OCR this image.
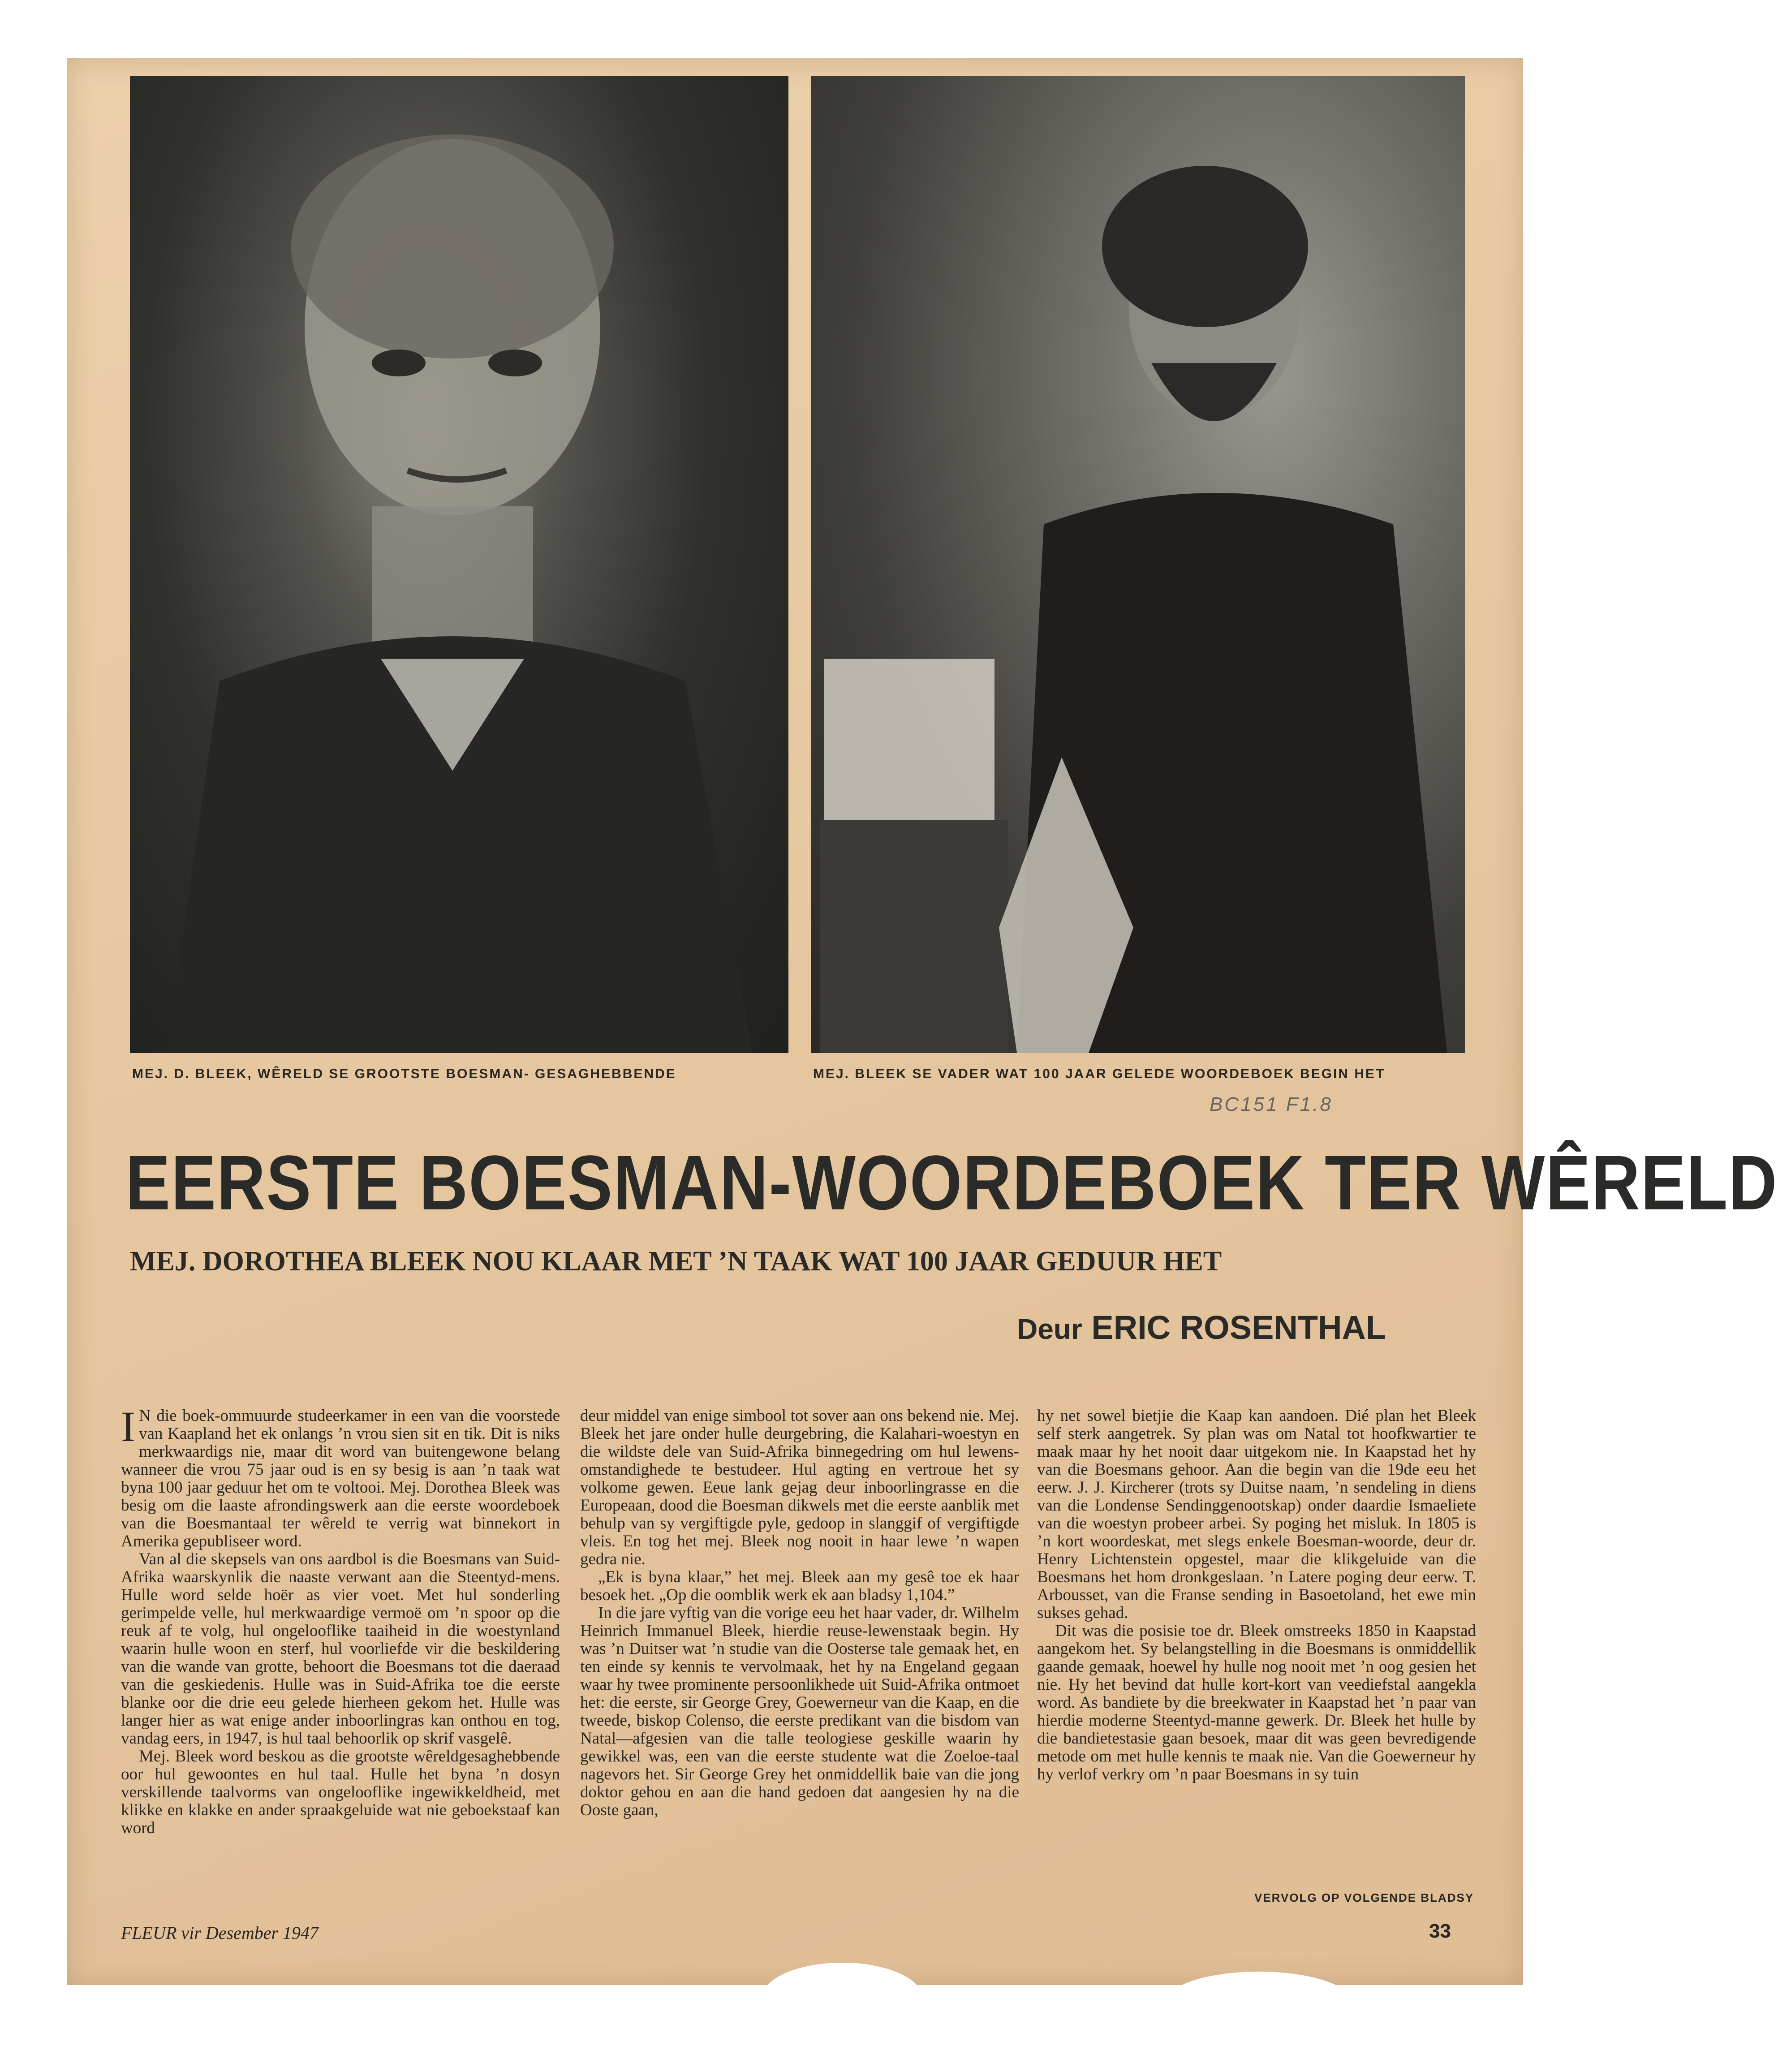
MEJ. D. BLEEK, WÊRELD SE GROOTSTE BOESMAN- GESAGHEBBENDE	MEJ. BLEEK SE VADER WAT 100 JAAR GELEDE WOORDEBOEK BEGIN HET
BC151 F1.8
EERSTE BOESMAN-WOORDEBOEK TER WÊRELD
MEJ. DOROTHEA BLEEK NOU KLAAR MET ’N TAAK WAT 100 JAAR GEDUUR HET
Deur ERIC ROSENTHAL

I N die boek-ommuurde studeerkamer in een van die voorstede van Kaapland het ek onlangs ’n vrou sien sit en tik. Dit is niks merkwaardigs nie, maar dit word van buitengewone belang wanneer die vrou 75 jaar oud is en sy besig is aan ’n taak wat byna 100 jaar geduur het om te voltooi. Mej. Dorothea Bleek was besig om die laaste afrondingswerk aan die eerste woordeboek van die Boesmantaal ter wêreld te verrig wat binnekort in Amerika gepubliseer word.

Van al die skepsels van ons aardbol is die Boesmans van Suid-Afrika waarskynlik die naaste verwant aan die Steentyd-mens. Hulle word selde hoër as vier voet. Met hul sonderling gerimpelde velle, hul merkwaardige vermoë om ’n spoor op die reuk af te volg, hul ongelooflike taaiheid in die woestynland waarin hulle woon en sterf, hul voorliefde vir die beskildering van die wande van grotte, behoort die Boesmans tot die daeraad van die geskiedenis. Hulle was in Suid-Afrika toe die eerste blanke oor die drie eeu gelede hierheen gekom het. Hulle was langer hier as wat enige ander inboorlingras kan onthou en tog, vandag eers, in 1947, is hul taal behoorlik op skrif vasgelê.

Mej. Bleek word beskou as die grootste wêreldgesaghebbende oor hul gewoontes en hul taal. Hulle het byna ’n dosyn verskillende taalvorms van ongelooflike ingewikkeldheid, met klikke en klakke en ander spraakgeluide wat nie geboekstaaf kan word

deur middel van enige simbool tot sover aan ons bekend nie. Mej. Bleek het jare onder hulle deurgebring, die Kalahari-woestyn en die wildste dele van Suid-Afrika binnegedring om hul lewens-omstandighede te bestudeer. Hul agting en vertroue het sy volkome gewen. Eeue lank gejag deur inboorlingrasse en die Europeaan, dood die Boesman dikwels met die eerste aanblik met behulp van sy vergiftigde pyle, gedoop in slanggif of vergiftigde vleis. En tog het mej. Bleek nog nooit in haar lewe ’n wapen gedra nie.

„Ek is byna klaar,” het mej. Bleek aan my gesê toe ek haar besoek het. „Op die oomblik werk ek aan bladsy 1,104.”

In die jare vyftig van die vorige eeu het haar vader, dr. Wilhelm Heinrich Immanuel Bleek, hierdie reuse-lewenstaak begin. Hy was ’n Duitser wat ’n studie van die Oosterse tale gemaak het, en ten einde sy kennis te vervolmaak, het hy na Engeland gegaan waar hy twee prominente persoonlikhede uit Suid-Afrika ontmoet het: die eerste, sir George Grey, Goewerneur van die Kaap, en die tweede, biskop Colenso, die eerste predikant van die bisdom van Natal—afgesien van die talle teologiese geskille waarin hy gewikkel was, een van die eerste studente wat die Zoeloe-taal nagevors het. Sir George Grey het onmiddellik baie van die jong doktor gehou en aan die hand gedoen dat aangesien hy na die Ooste gaan,

hy net sowel bietjie die Kaap kan aandoen. Dié plan het Bleek self sterk aangetrek. Sy plan was om Natal tot hoofkwartier te maak maar hy het nooit daar uitgekom nie. In Kaapstad het hy van die Boesmans gehoor. Aan die begin van die 19de eeu het eerw. J. J. Kircherer (trots sy Duitse naam, ’n sendeling in diens van die Londense Sendinggenootskap) onder daardie Ismaeliete van die woestyn probeer arbei. Sy poging het misluk. In 1805 is ’n kort woordeskat, met slegs enkele Boesman-woorde, deur dr. Henry Lichtenstein opgestel, maar die klikgeluide van die Boesmans het hom dronkgeslaan. ’n Latere poging deur eerw. T. Arbousset, van die Franse sending in Basoetoland, het ewe min sukses gehad.

Dit was die posisie toe dr. Bleek omstreeks 1850 in Kaapstad aangekom het. Sy belangstelling in die Boesmans is onmiddellik gaande gemaak, hoewel hy hulle nog nooit met ’n oog gesien het nie. Hy het bevind dat hulle kort-kort van veediefstal aangekla word. As bandiete by die breekwater in Kaapstad het ’n paar van hierdie moderne Steentyd-manne gewerk. Dr. Bleek het hulle by die bandietestasie gaan besoek, maar dit was geen bevredigende metode om met hulle kennis te maak nie. Van die Goewerneur hy hy verlof verkry om ’n paar Boesmans in sy tuin

VERVOLG OP VOLGENDE BLADSY
FLEUR vir Desember 1947	33
